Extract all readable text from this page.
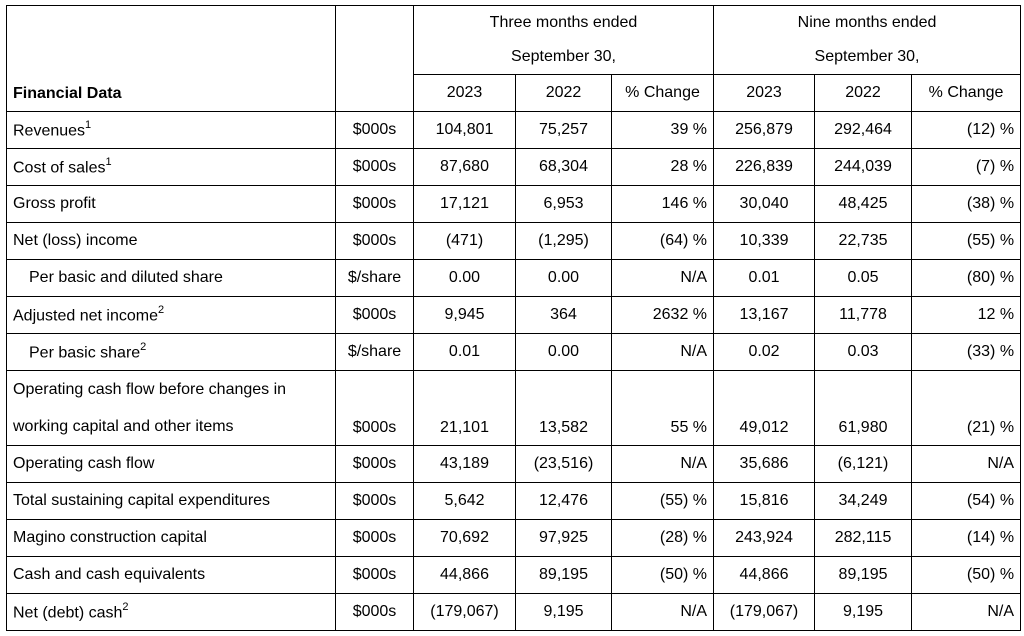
Financial Data		Three months ended			Nine months ended		
		September 30,			September 30,		
		2023	2022	% Change	2023	2022	% Change
Revenues$^1$	$000s	104,801	75,257	39 %	256,879	292,464	(12) %
Cost of sales$^1$	$000s	87,680	68,304	28 %	226,839	244,039	(7) %
Gross profit	$000s	17,121	6,953	146 %	30,040	48,425	(38) %
Net (loss) income	$000s	(471)	(1,295)	(64) %	10,339	22,735	(55) %
Per basic and diluted share	$/share	0.00	0.00	N/A	0.01	0.05	(80) %
Adjusted net income$^2$	$000s	9,945	364	2632 %	13,167	11,778	12 %
Per basic share$^2$	$/share	0.01	0.00	N/A	0.02	0.03	(33) %

Operating cash flow before changes in
working capital and other items	$000s	21,101	13,582	55 %	49,012	61,980	(21) %
Operating cash flow	$000s	43,189	(23,516)	N/A	35,686	(6,121)	N/A
Total sustaining capital expenditures	$000s	5,642	12,476	(55) %	15,816	34,249	(54) %
Magino construction capital	$000s	70,692	97,925	(28) %	243,924	282,115	(14) %
Cash and cash equivalents	$000s	44,866	89,195	(50) %	44,866	89,195	(50) %
Net (debt) cash$^2$	$000s	(179,067)	9,195	N/A	(179,067)	9,195	N/A
